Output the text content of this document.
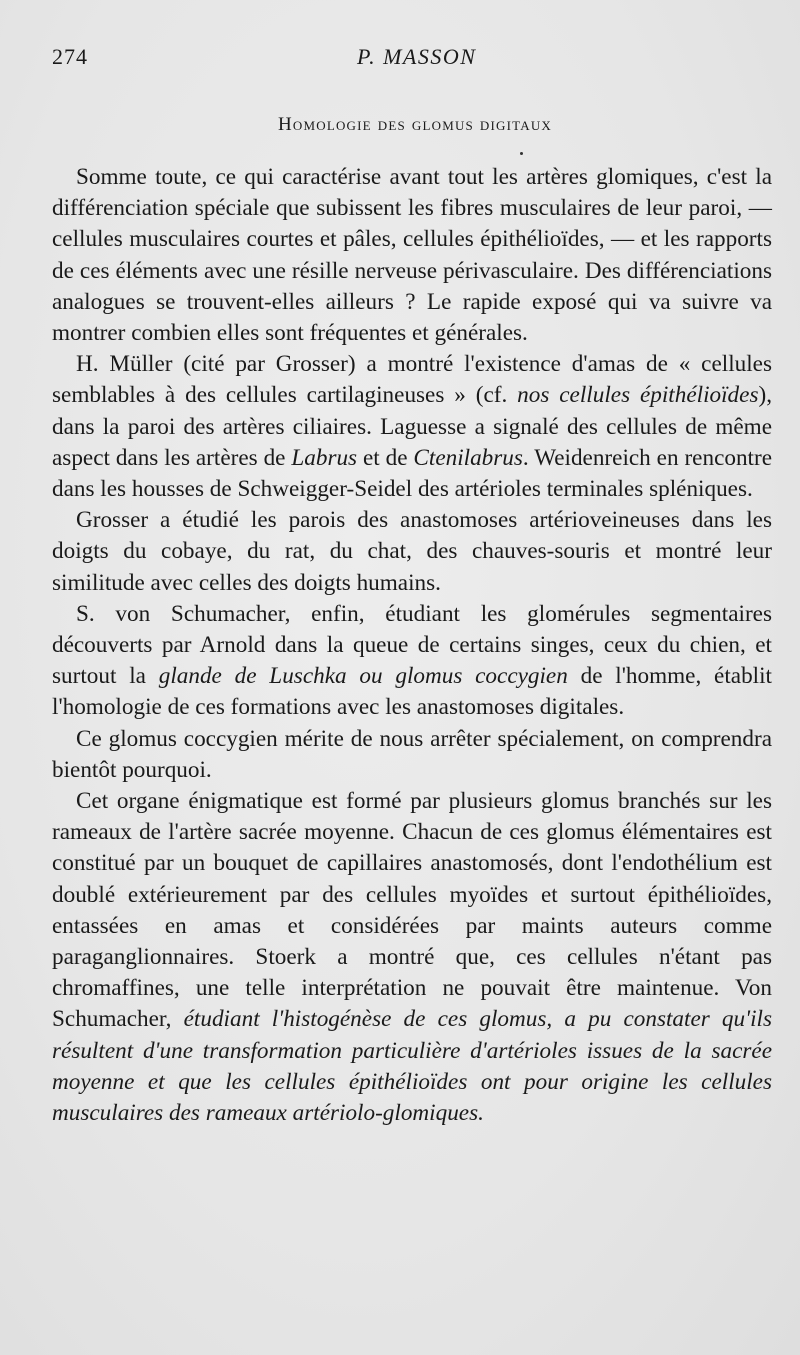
274	P. MASSON
Homologie des glomus digitaux

Somme toute, ce qui caractérise avant tout les artères glomiques, c'est la différenciation spéciale que subissent les fibres musculaires de leur paroi, — cellules musculaires courtes et pâles, cellules épithélioïdes, — et les rapports de ces éléments avec une résille nerveuse périvasculaire. Des différenciations analogues se trouvent-elles ailleurs ? Le rapide exposé qui va suivre va montrer combien elles sont fréquentes et générales.

H. Müller (cité par Grosser) a montré l'existence d'amas de « cellules semblables à des cellules cartilagineuses » (cf. nos cellules épithélioïdes), dans la paroi des artères ciliaires. Laguesse a signalé des cellules de même aspect dans les artères de Labrus et de Ctenilabrus. Weidenreich en rencontre dans les housses de Schweigger-Seidel des artérioles terminales spléniques.

Grosser a étudié les parois des anastomoses artérioveineuses dans les doigts du cobaye, du rat, du chat, des chauves-souris et montré leur similitude avec celles des doigts humains.

S. von Schumacher, enfin, étudiant les glomérules segmentaires découverts par Arnold dans la queue de certains singes, ceux du chien, et surtout la glande de Luschka ou glomus coccygien de l'homme, établit l'homologie de ces formations avec les anastomoses digitales.

Ce glomus coccygien mérite de nous arrêter spécialement, on comprendra bientôt pourquoi.

Cet organe énigmatique est formé par plusieurs glomus branchés sur les rameaux de l'artère sacrée moyenne. Chacun de ces glomus élémentaires est constitué par un bouquet de capillaires anastomosés, dont l'endothélium est doublé extérieurement par des cellules myoïdes et surtout épithélioïdes, entassées en amas et considérées par maints auteurs comme paraganglionnaires. Stoerk a montré que, ces cellules n'étant pas chromaffines, une telle interprétation ne pouvait être maintenue. Von Schumacher, étudiant l'histogénèse de ces glomus, a pu constater qu'ils résultent d'une transformation particulière d'artérioles issues de la sacrée moyenne et que les cellules épithélioïdes ont pour origine les cellules musculaires des rameaux artériolo-glomiques.
